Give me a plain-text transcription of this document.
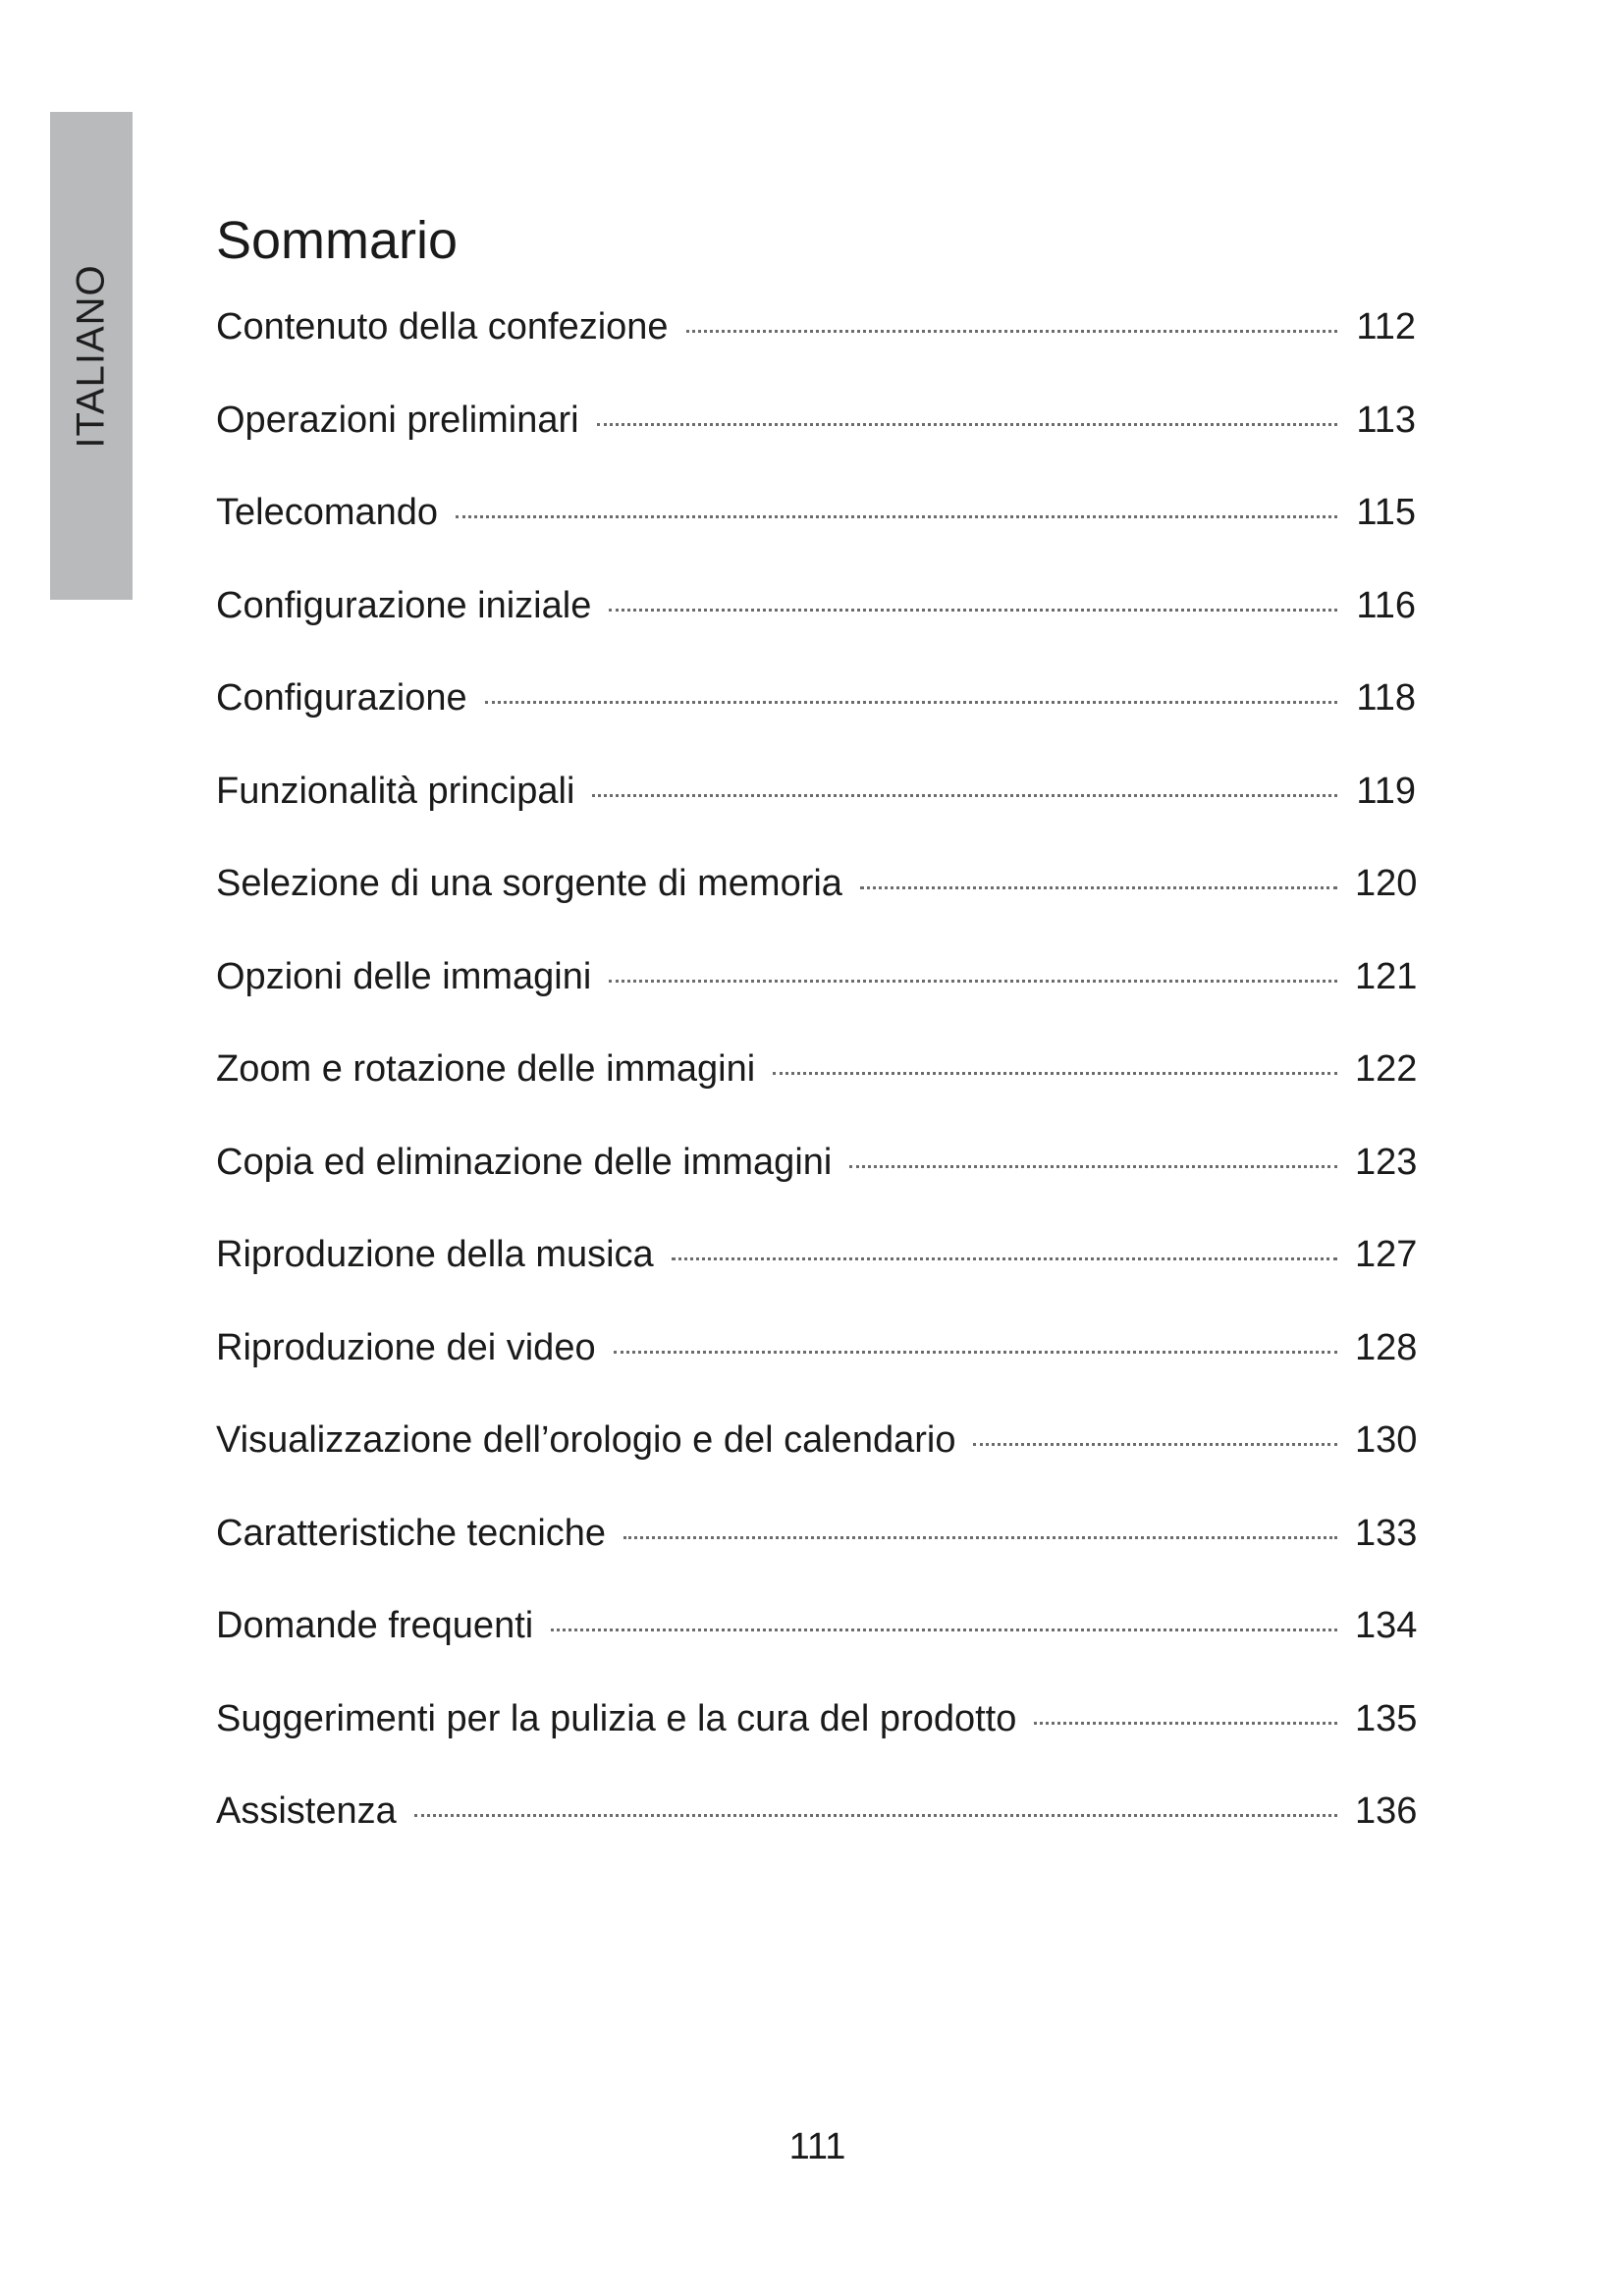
ITALIANO
Sommario
Contenuto della confezione	112
Operazioni preliminari	113
Telecomando	115
Configurazione iniziale	116
Configurazione	118
Funzionalità principali	119
Selezione di una sorgente di memoria	120
Opzioni delle immagini	121
Zoom e rotazione delle immagini	122
Copia ed eliminazione delle immagini	123
Riproduzione della musica	127
Riproduzione dei video	128
Visualizzazione dell’orologio e del calendario	130
Caratteristiche tecniche	133
Domande frequenti	134
Suggerimenti per la pulizia e la cura del prodotto	135
Assistenza	136
111
